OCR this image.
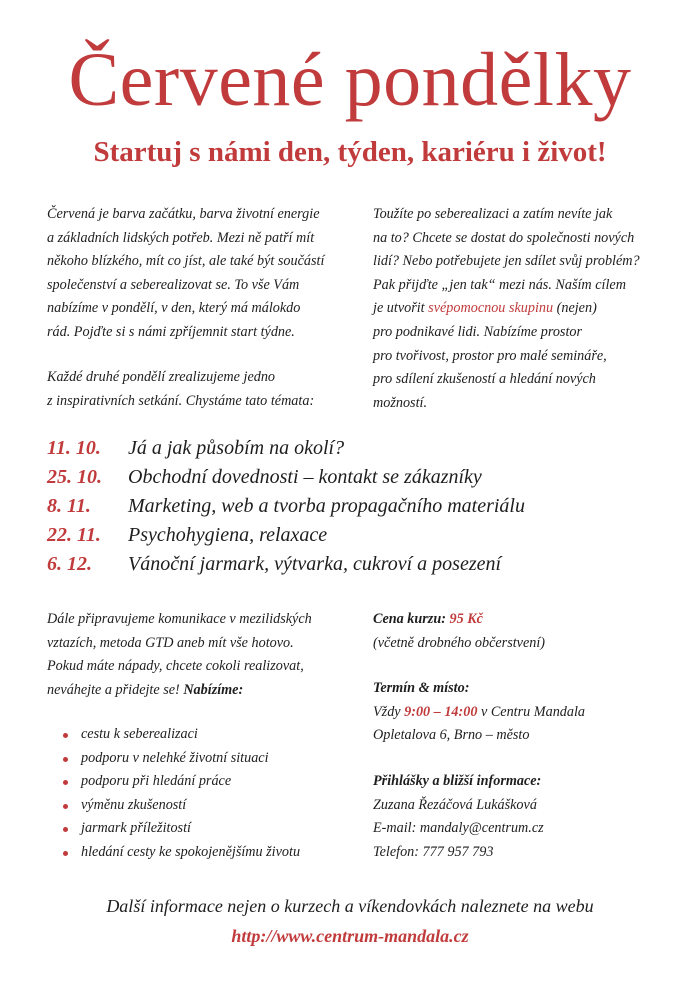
Červené pondělky
Startuj s námi den, týden, kariéru i život!
Červená je barva začátku, barva životní energie
a základních lidských potřeb. Mezi ně patří mít
někoho blízkého, mít co jíst, ale také být součástí
společenství a seberealizovat se. To vše Vám
nabízíme v pondělí, v den, který má málokdo
rád. Pojďte si s námi zpříjemnit start týdne.
Každé druhé pondělí zrealizujeme jedno
z inspirativních setkání. Chystáme tato témata:
Toužíte po seberealizaci a zatím nevíte jak
na to? Chcete se dostat do společnosti nových
lidí? Nebo potřebujete jen sdílet svůj problém?
Pak přijďte „jen tak“ mezi nás. Naším cílem
je utvořit svépomocnou skupinu (nejen)
pro podnikavé lidi. Nabízíme prostor
pro tvořivost, prostor pro malé semináře,
pro sdílení zkušeností a hledání nových
možností.
11. 10.	Já a jak působím na okolí?
25. 10.	Obchodní dovednosti – kontakt se zákazníky
8. 11.	Marketing, web a tvorba propagačního materiálu
22. 11.	Psychohygiena, relaxace
6. 12.	Vánoční jarmark, výtvarka, cukroví a posezení
Dále připravujeme komunikace v mezilidských
vztazích, metoda GTD aneb mít vše hotovo.
Pokud máte nápady, chcete cokoli realizovat,
neváhejte a přidejte se! Nabízíme:
cestu k seberealizaci
podporu v nelehké životní situaci
podporu při hledání práce
výměnu zkušeností
jarmark příležitostí
hledání cesty ke spokojenějšímu životu
Cena kurzu: 95 Kč
(včetně drobného občerstvení)
Termín & místo:
Vždy 9:00 – 14:00 v Centru Mandala
Opletalova 6, Brno – město
Přihlášky a bližší informace:
Zuzana Řezáčová Lukášková
E-mail: mandaly@centrum.cz
Telefon: 777 957 793
Další informace nejen o kurzech a víkendovkách naleznete na webu
http://www.centrum-mandala.cz
